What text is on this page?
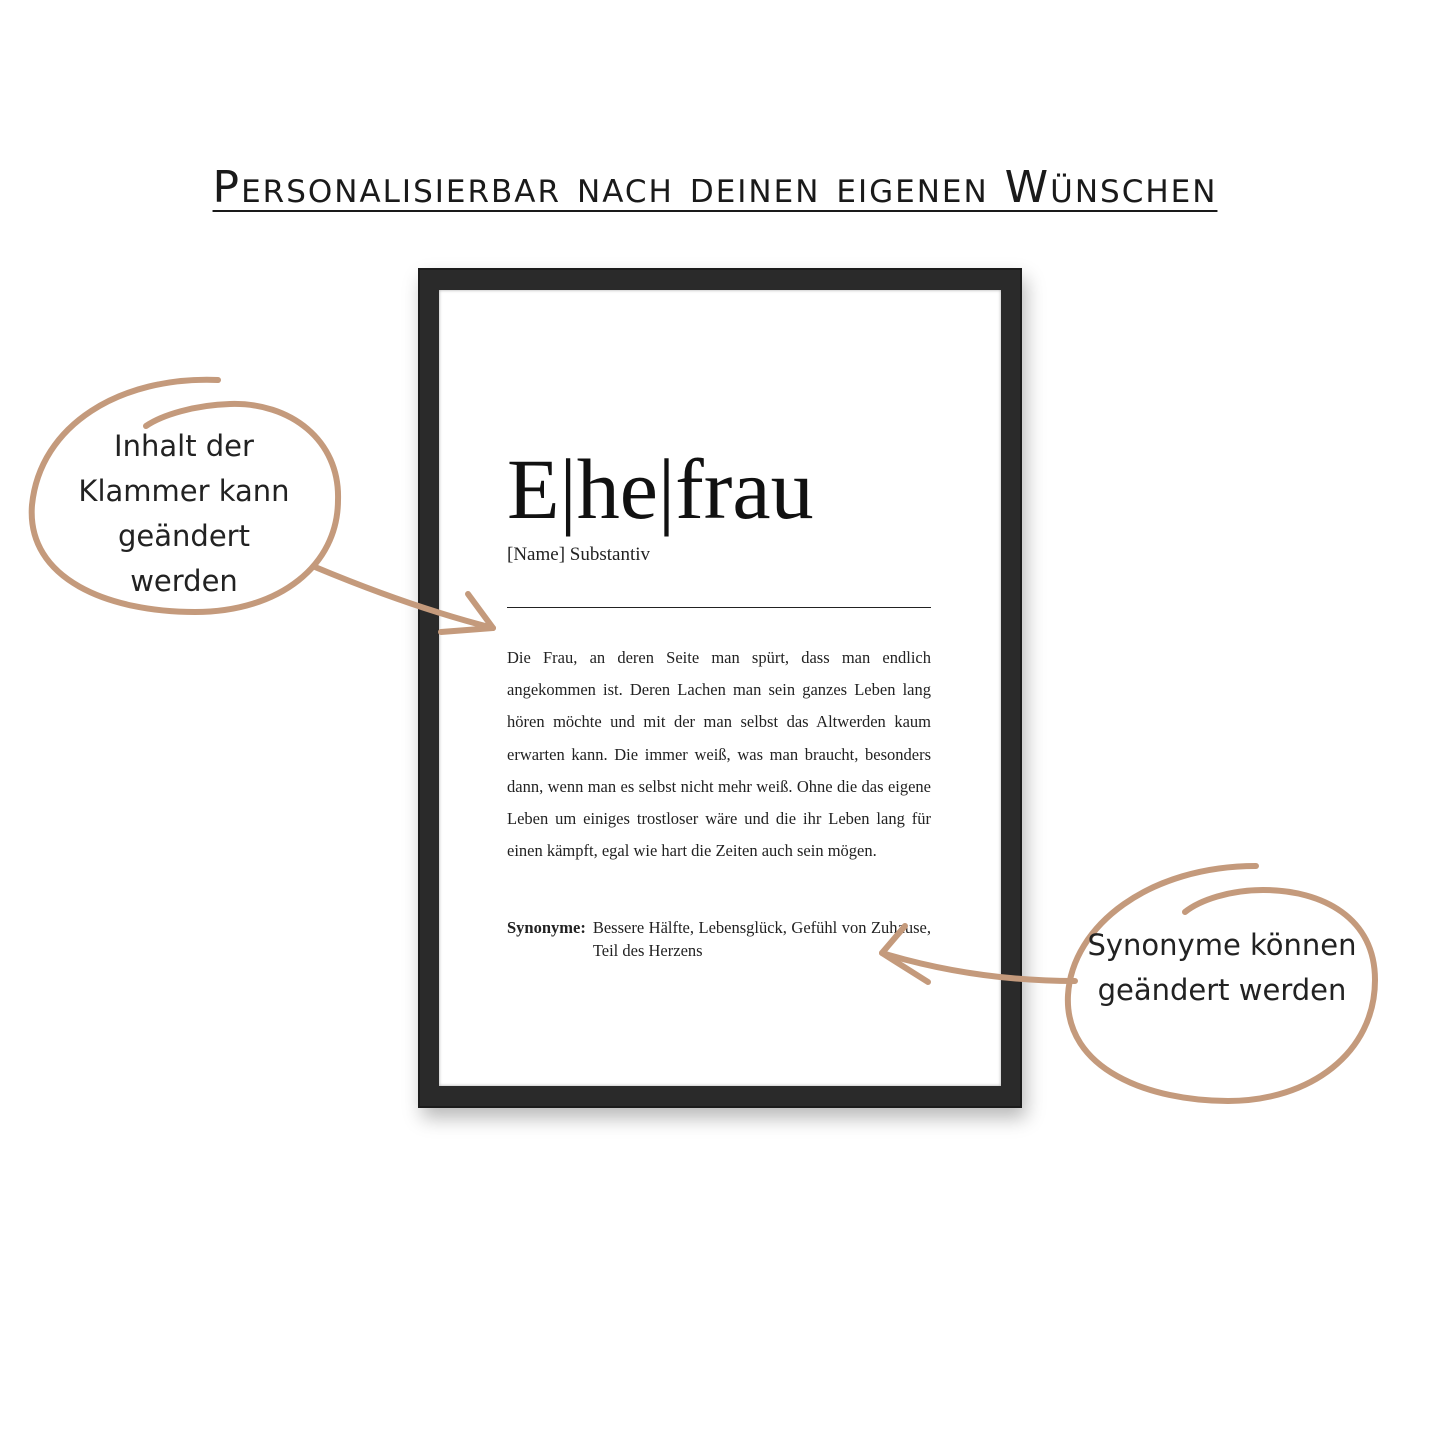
Personalisierbar nach deinen eigenen Wünschen
E|he|frau
[Name] Substantiv
Die Frau, an deren Seite man spürt, dass man endlich angekommen ist. Deren Lachen man sein ganzes Leben lang hören möchte und mit der man selbst das Altwerden kaum erwarten kann. Die immer weiß, was man braucht, besonders dann, wenn man es selbst nicht mehr weiß. Ohne die das eigene Leben um einiges trostloser wäre und die ihr Leben lang für einen kämpft, egal wie hart die Zeiten auch sein mögen.
Synonyme: Bessere Hälfte, Lebensglück, Gefühl von Zuhause, Teil des Herzens
Inhalt der Klammer kann geändert werden
Synonyme können geändert werden
